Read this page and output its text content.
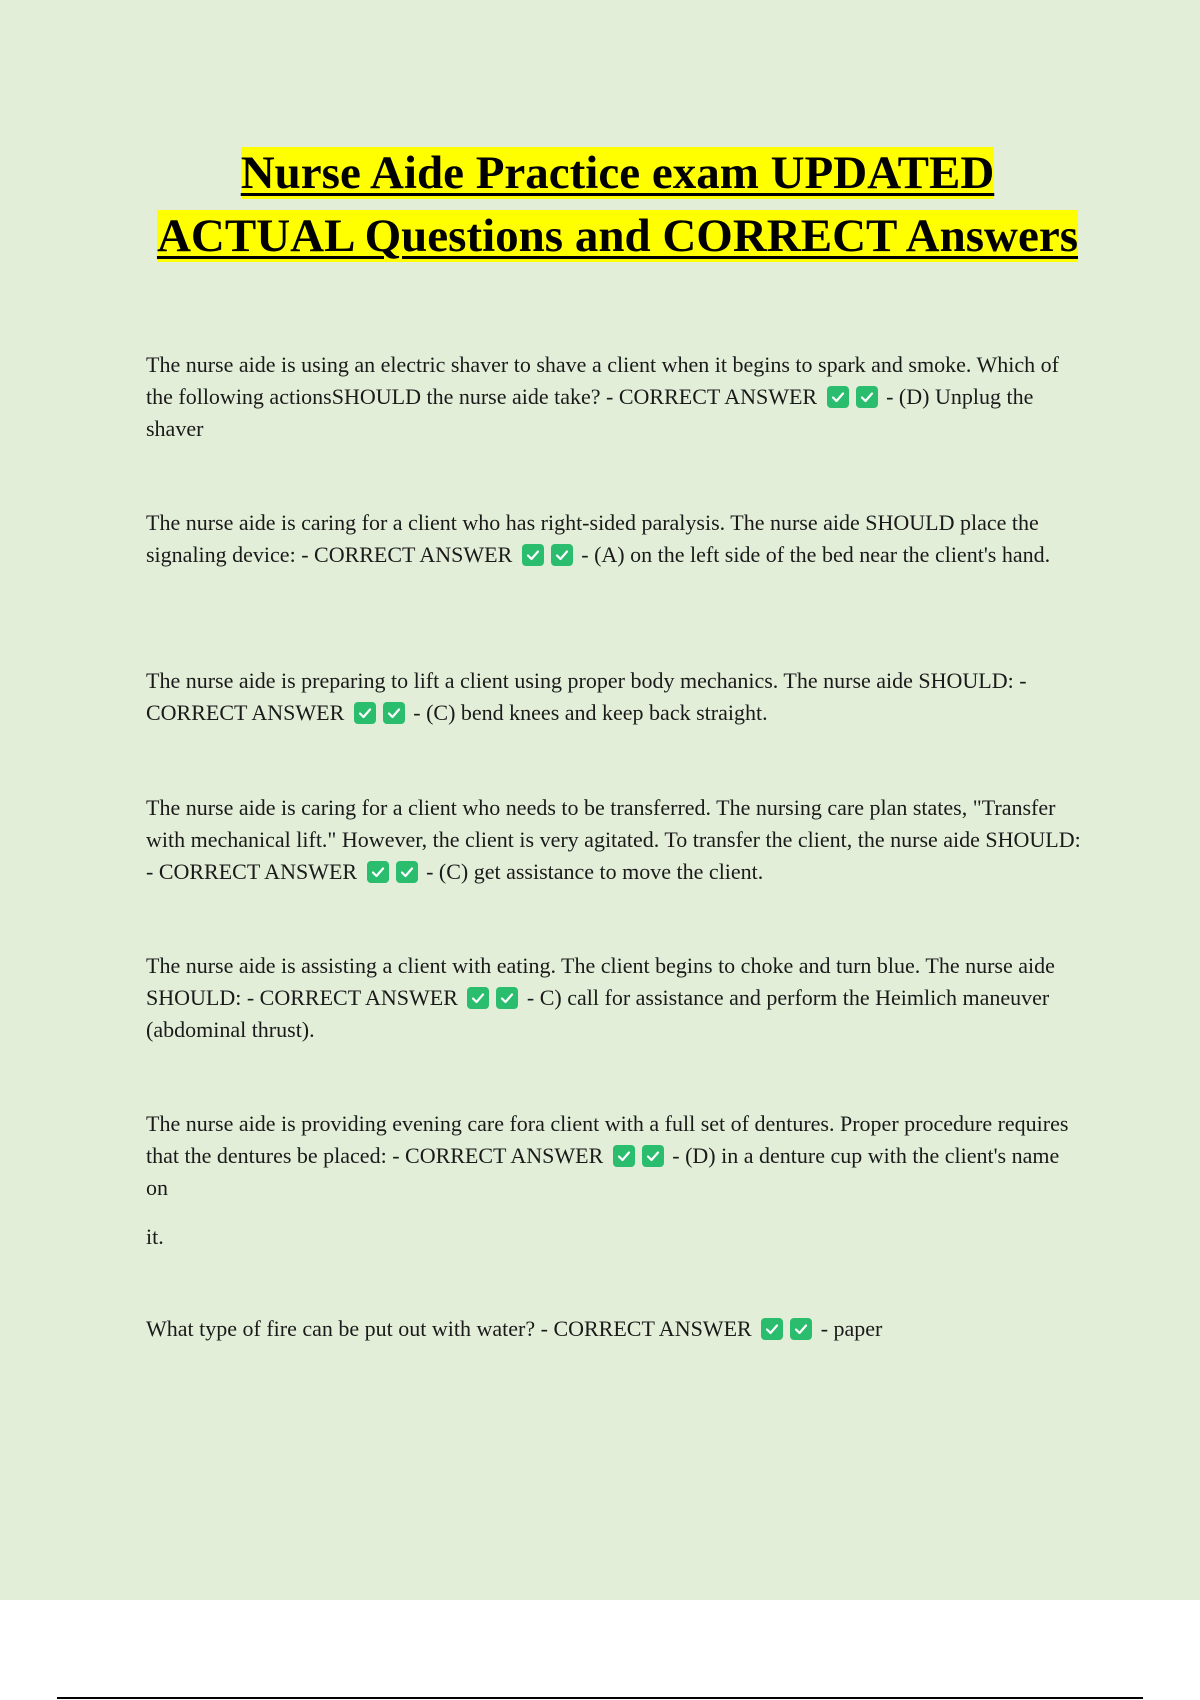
Nurse Aide Practice exam UPDATED ACTUAL Questions and CORRECT Answers

The nurse aide is using an electric shaver to shave a client when it begins to spark and smoke. Which of the following actionsSHOULD the nurse aide take? - CORRECT ANSWER	- (D) Unplug the shaver

The nurse aide is caring for a client who has right-sided paralysis. The nurse aide SHOULD place the signaling device: - CORRECT ANSWER	- (A) on the left side of the bed near the client's hand.

The nurse aide is preparing to lift a client using proper body mechanics. The nurse aide SHOULD: - CORRECT ANSWER	- (C) bend knees and keep back straight.

The nurse aide is caring for a client who needs to be transferred. The nursing care plan states, "Transfer with mechanical lift." However, the client is very agitated. To transfer the client, the nurse aide SHOULD: - CORRECT ANSWER	- (C) get assistance to move the client.

The nurse aide is assisting a client with eating. The client begins to choke and turn blue. The nurse aide SHOULD: - CORRECT ANSWER	- C) call for assistance and perform the Heimlich maneuver (abdominal thrust).

The nurse aide is providing evening care fora client with a full set of dentures. Proper procedure requires that the dentures be placed: - CORRECT ANSWER	- (D) in a denture cup with the client's name on

it.

What type of fire can be put out with water? - CORRECT ANSWER	- paper
